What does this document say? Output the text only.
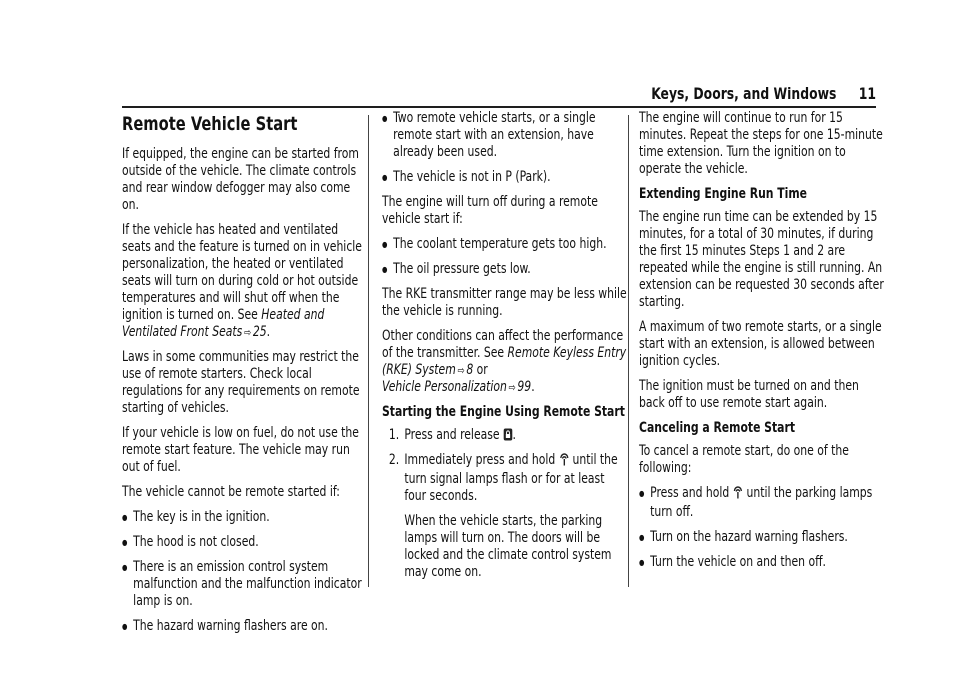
Keys, Doors, and Windows 11
Remote Vehicle Start

If equipped, the engine can be started from outside of the vehicle. The climate controls and rear window defogger may also come on.

If the vehicle has heated and ventilated seats and the feature is turned on in vehicle personalization, the heated or ventilated seats will turn on during cold or hot outside temperatures and will shut off when the ignition is turned on. See Heated and Ventilated Front Seats ⇨ 25.

Laws in some communities may restrict the use of remote starters. Check local regulations for any requirements on remote starting of vehicles.

If your vehicle is low on fuel, do not use the remote start feature. The vehicle may run out of fuel.

The vehicle cannot be remote started if:

● The key is in the ignition.
● The hood is not closed.
● There is an emission control system malfunction and the malfunction indicator lamp is on.
● The hazard warning flashers are on.
● Two remote vehicle starts, or a single remote start with an extension, have already been used.
● The vehicle is not in P (Park).

The engine will turn off during a remote vehicle start if:

● The coolant temperature gets too high.
● The oil pressure gets low.

The RKE transmitter range may be less while the vehicle is running.

Other conditions can affect the performance of the transmitter. See Remote Keyless Entry (RKE) System ⇨ 8 or
Vehicle Personalization ⇨ 99.

Starting the Engine Using Remote Start

1. Press and release .
2. Immediately press and hold until the turn signal lamps flash or for at least four seconds.

When the vehicle starts, the parking lamps will turn on. The doors will be locked and the climate control system may come on.

The engine will continue to run for 15 minutes. Repeat the steps for one 15-minute time extension. Turn the ignition on to operate the vehicle.

Extending Engine Run Time

The engine run time can be extended by 15 minutes, for a total of 30 minutes, if during the first 15 minutes Steps 1 and 2 are repeated while the engine is still running. An extension can be requested 30 seconds after starting.

A maximum of two remote starts, or a single start with an extension, is allowed between ignition cycles.

The ignition must be turned on and then back off to use remote start again.

Canceling a Remote Start

To cancel a remote start, do one of the following:

● Press and hold until the parking lamps turn off.
● Turn on the hazard warning flashers.
● Turn the vehicle on and then off.
